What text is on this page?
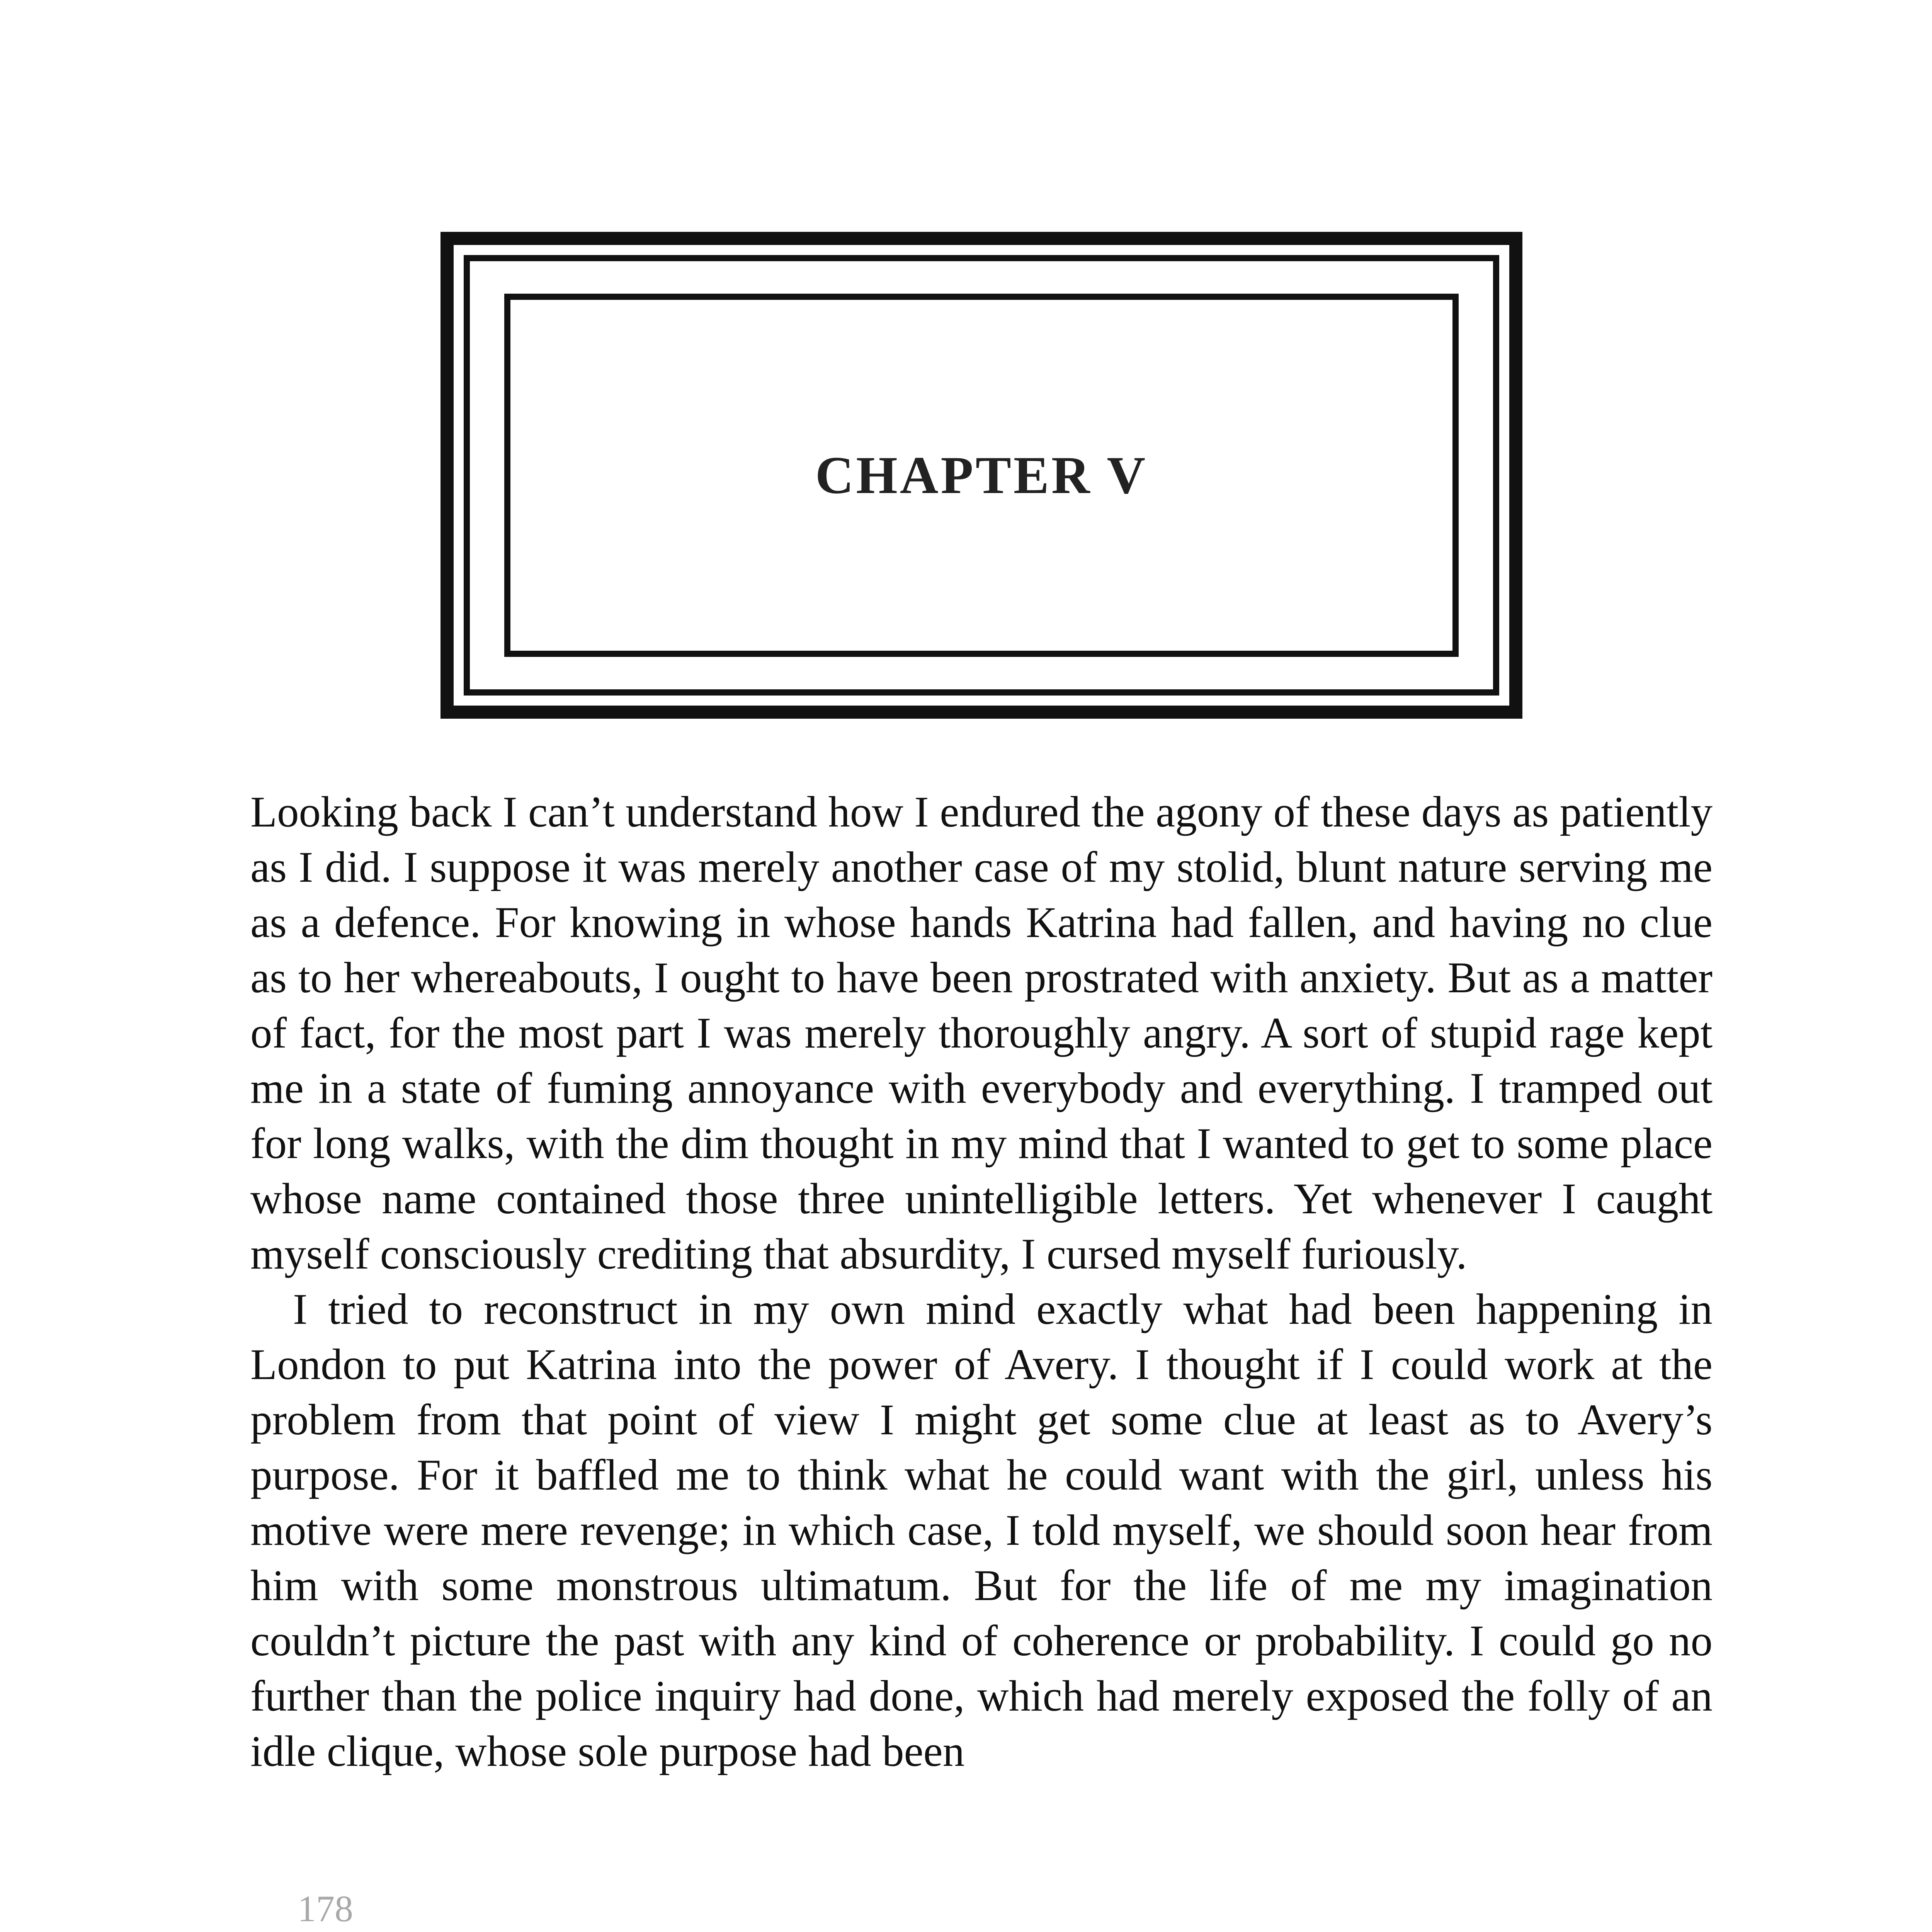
CHAPTER V

Looking back I can’t understand how I endured the agony of these days as patiently as I did. I suppose it was merely another case of my stolid, blunt nature serving me as a defence. For knowing in whose hands Katrina had fallen, and having no clue as to her whereabouts, I ought to have been prostrated with anxiety. But as a matter of fact, for the most part I was merely thoroughly angry. A sort of stupid rage kept me in a state of fuming annoyance with everybody and everything. I tramped out for long walks, with the dim thought in my mind that I wanted to get to some place whose name contained those three unintelligible letters. Yet whenever I caught myself consciously crediting that absurdity, I cursed myself furiously.

I tried to reconstruct in my own mind exactly what had been happening in London to put Katrina into the power of Avery. I thought if I could work at the problem from that point of view I might get some clue at least as to Avery’s purpose. For it baffled me to think what he could want with the girl, unless his motive were mere revenge; in which case, I told myself, we should soon hear from him with some monstrous ultimatum. But for the life of me my imagination couldn’t picture the past with any kind of coherence or probability. I could go no further than the police inquiry had done, which had merely exposed the folly of an idle clique, whose sole purpose had been

178
